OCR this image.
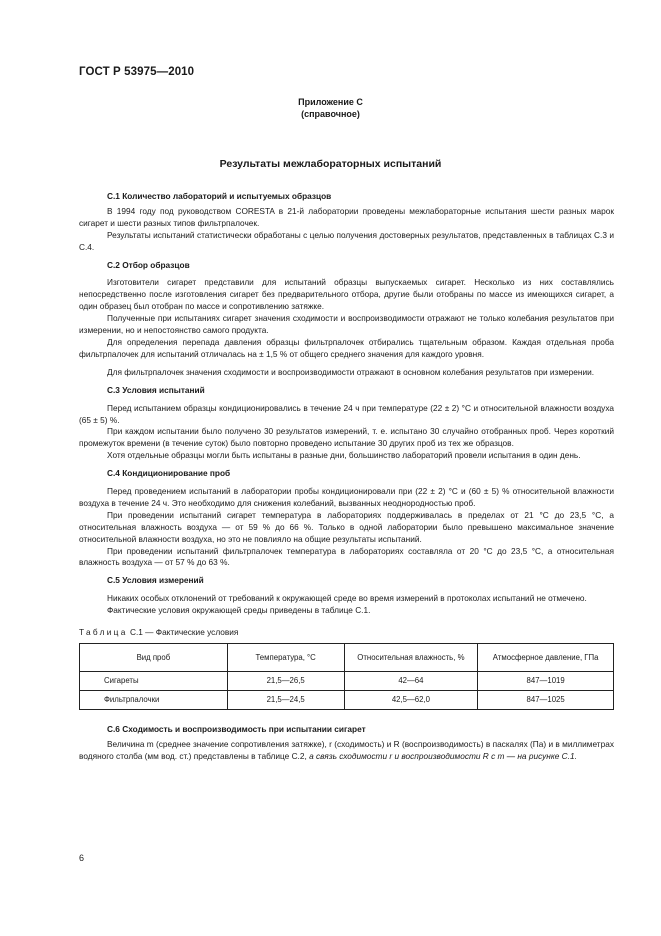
ГОСТ Р 53975—2010
Приложение С
(справочное)
Результаты межлабораторных испытаний
С.1 Количество лабораторий и испытуемых образцов

В 1994 году под руководством CORESTA в 21-й лаборатории проведены межлабораторные испытания шести разных марок сигарет и шести разных типов фильтрпалочек.

Результаты испытаний статистически обработаны с целью получения достоверных результатов, представленных в таблицах С.3 и С.4.

С.2 Отбор образцов

Изготовители сигарет представили для испытаний образцы выпускаемых сигарет. Несколько из них составлялись непосредственно после изготовления сигарет без предварительного отбора, другие были отобраны по массе из имеющихся сигарет, а один образец был отобран по массе и сопротивлению затяжке.

Полученные при испытаниях сигарет значения сходимости и воспроизводимости отражают не только колебания результатов при измерении, но и непостоянство самого продукта.

Для определения перепада давления образцы фильтрпалочек отбирались тщательным образом. Каждая отдельная проба фильтрпалочек для испытаний отличалась на ± 1,5 % от общего среднего значения для каждого уровня.

Для фильтрпалочек значения сходимости и воспроизводимости отражают в основном колебания результатов при измерении.

С.3 Условия испытаний

Перед испытанием образцы кондиционировались в течение 24 ч при температуре (22 ± 2) °С и относительной влажности воздуха (65 ± 5) %.

При каждом испытании было получено 30 результатов измерений, т. е. испытано 30 случайно отобранных проб. Через короткий промежуток времени (в течение суток) было повторно проведено испытание 30 других проб из тех же образцов.

Хотя отдельные образцы могли быть испытаны в разные дни, большинство лабораторий провели испытания в один день.

С.4 Кондиционирование проб

Перед проведением испытаний в лаборатории пробы кондиционировали при (22 ± 2) °С и (60 ± 5) % относительной влажности воздуха в течение 24 ч. Это необходимо для снижения колебаний, вызванных неоднородностью проб.

При проведении испытаний сигарет температура в лабораториях поддерживалась в пределах от 21 °С до 23,5 °С, а относительная влажность воздуха — от 59 % до 66 %. Только в одной лаборатории было превышено максимальное значение относительной влажности воздуха, но это не повлияло на общие результаты испытаний.

При проведении испытаний фильтрпалочек температура в лабораториях составляла от 20 °С до 23,5 °С, а относительная влажность воздуха — от 57 % до 63 %.

С.5 Условия измерений

Никаких особых отклонений от требований к окружающей среде во время измерений в протоколах испытаний не отмечено.

Фактические условия окружающей среды приведены в таблице С.1.

Таблица С.1 — Фактические условия
Вид проб	Температура, °С	Относительная влажность, %	Атмосферное давление, ГПа
Сигареты	21,5—26,5	42—64	847—1019
Фильтрпалочки	21,5—24,5	42,5—62,0	847—1025
С.6 Сходимость и воспроизводимость при испытании сигарет

Величина m (среднее значение сопротивления затяжке), r (сходимость) и R (воспроизводимость) в паскалях (Па) и в миллиметрах водяного столба (мм вод. ст.) представлены в таблице С.2, а связь сходимости r и воспроизводимости R с m — на рисунке С.1.

6
